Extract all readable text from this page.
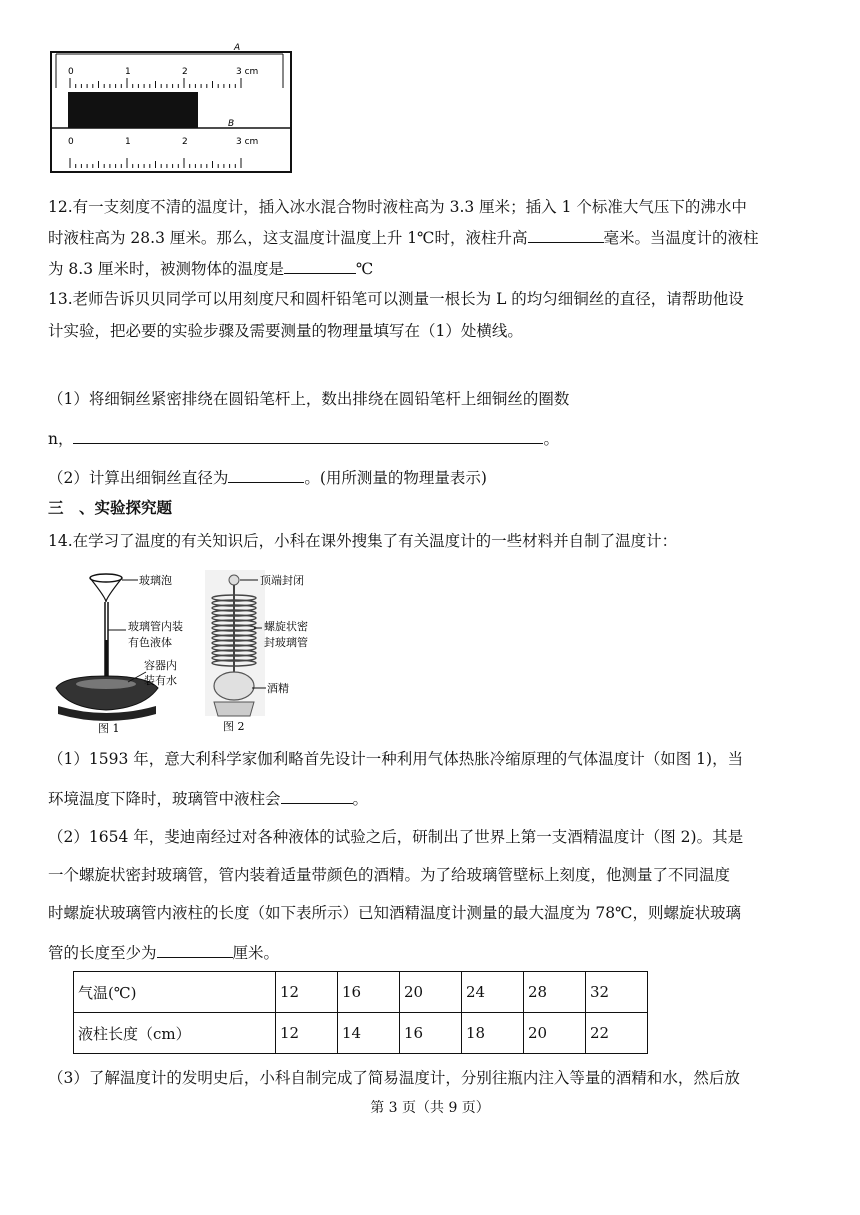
A
0	1	2	3 cm
B
0	1	2	3 cm
12.有一支刻度不清的温度计，插入冰水混合物时液柱高为 3.3 厘米；插入 1 个标准大气压下的沸水中
时液柱高为 28.3 厘米。那么，这支温度计温度上升 1℃时，液柱升高	毫米。当温度计的液柱
为 8.3 厘米时，被测物体的温度是	℃
13.老师告诉贝贝同学可以用刻度尺和圆杆铅笔可以测量一根长为 L 的均匀细铜丝的直径，请帮助他设
计实验，把必要的实验步骤及需要测量的物理量填写在（1）处横线。
（1）将细铜丝紧密排绕在圆铅笔杆上，数出排绕在圆铅笔杆上细铜丝的圈数
n，	。
（2）计算出细铜丝直径为	。(用所测量的物理量表示)
三　、实验探究题
14.在学习了温度的有关知识后，小科在课外搜集了有关温度计的一些材料并自制了温度计：
玻璃泡
玻璃管内装
有色液体
容器内
装有水
图 1
顶端封闭
螺旋状密
封玻璃管
酒精
图 2
（1）1593 年，意大利科学家伽利略首先设计一种利用气体热胀冷缩原理的气体温度计（如图 1)，当
环境温度下降时，玻璃管中液柱会	。
（2）1654 年，斐迪南经过对各种液体的试验之后，研制出了世界上第一支酒精温度计（图 2)。其是
一个螺旋状密封玻璃管，管内装着适量带颜色的酒精。为了给玻璃管壁标上刻度，他测量了不同温度
时螺旋状玻璃管内液柱的长度（如下表所示）已知酒精温度计测量的最大温度为 78℃，则螺旋状玻璃
管的长度至少为	厘米。
气温(℃)	12	16	20	24	28	32
液柱长度（cm）	12	14	16	18	20	22
（3）了解温度计的发明史后，小科自制完成了简易温度计，分别往瓶内注入等量的酒精和水，然后放
第 3 页（共 9 页）
